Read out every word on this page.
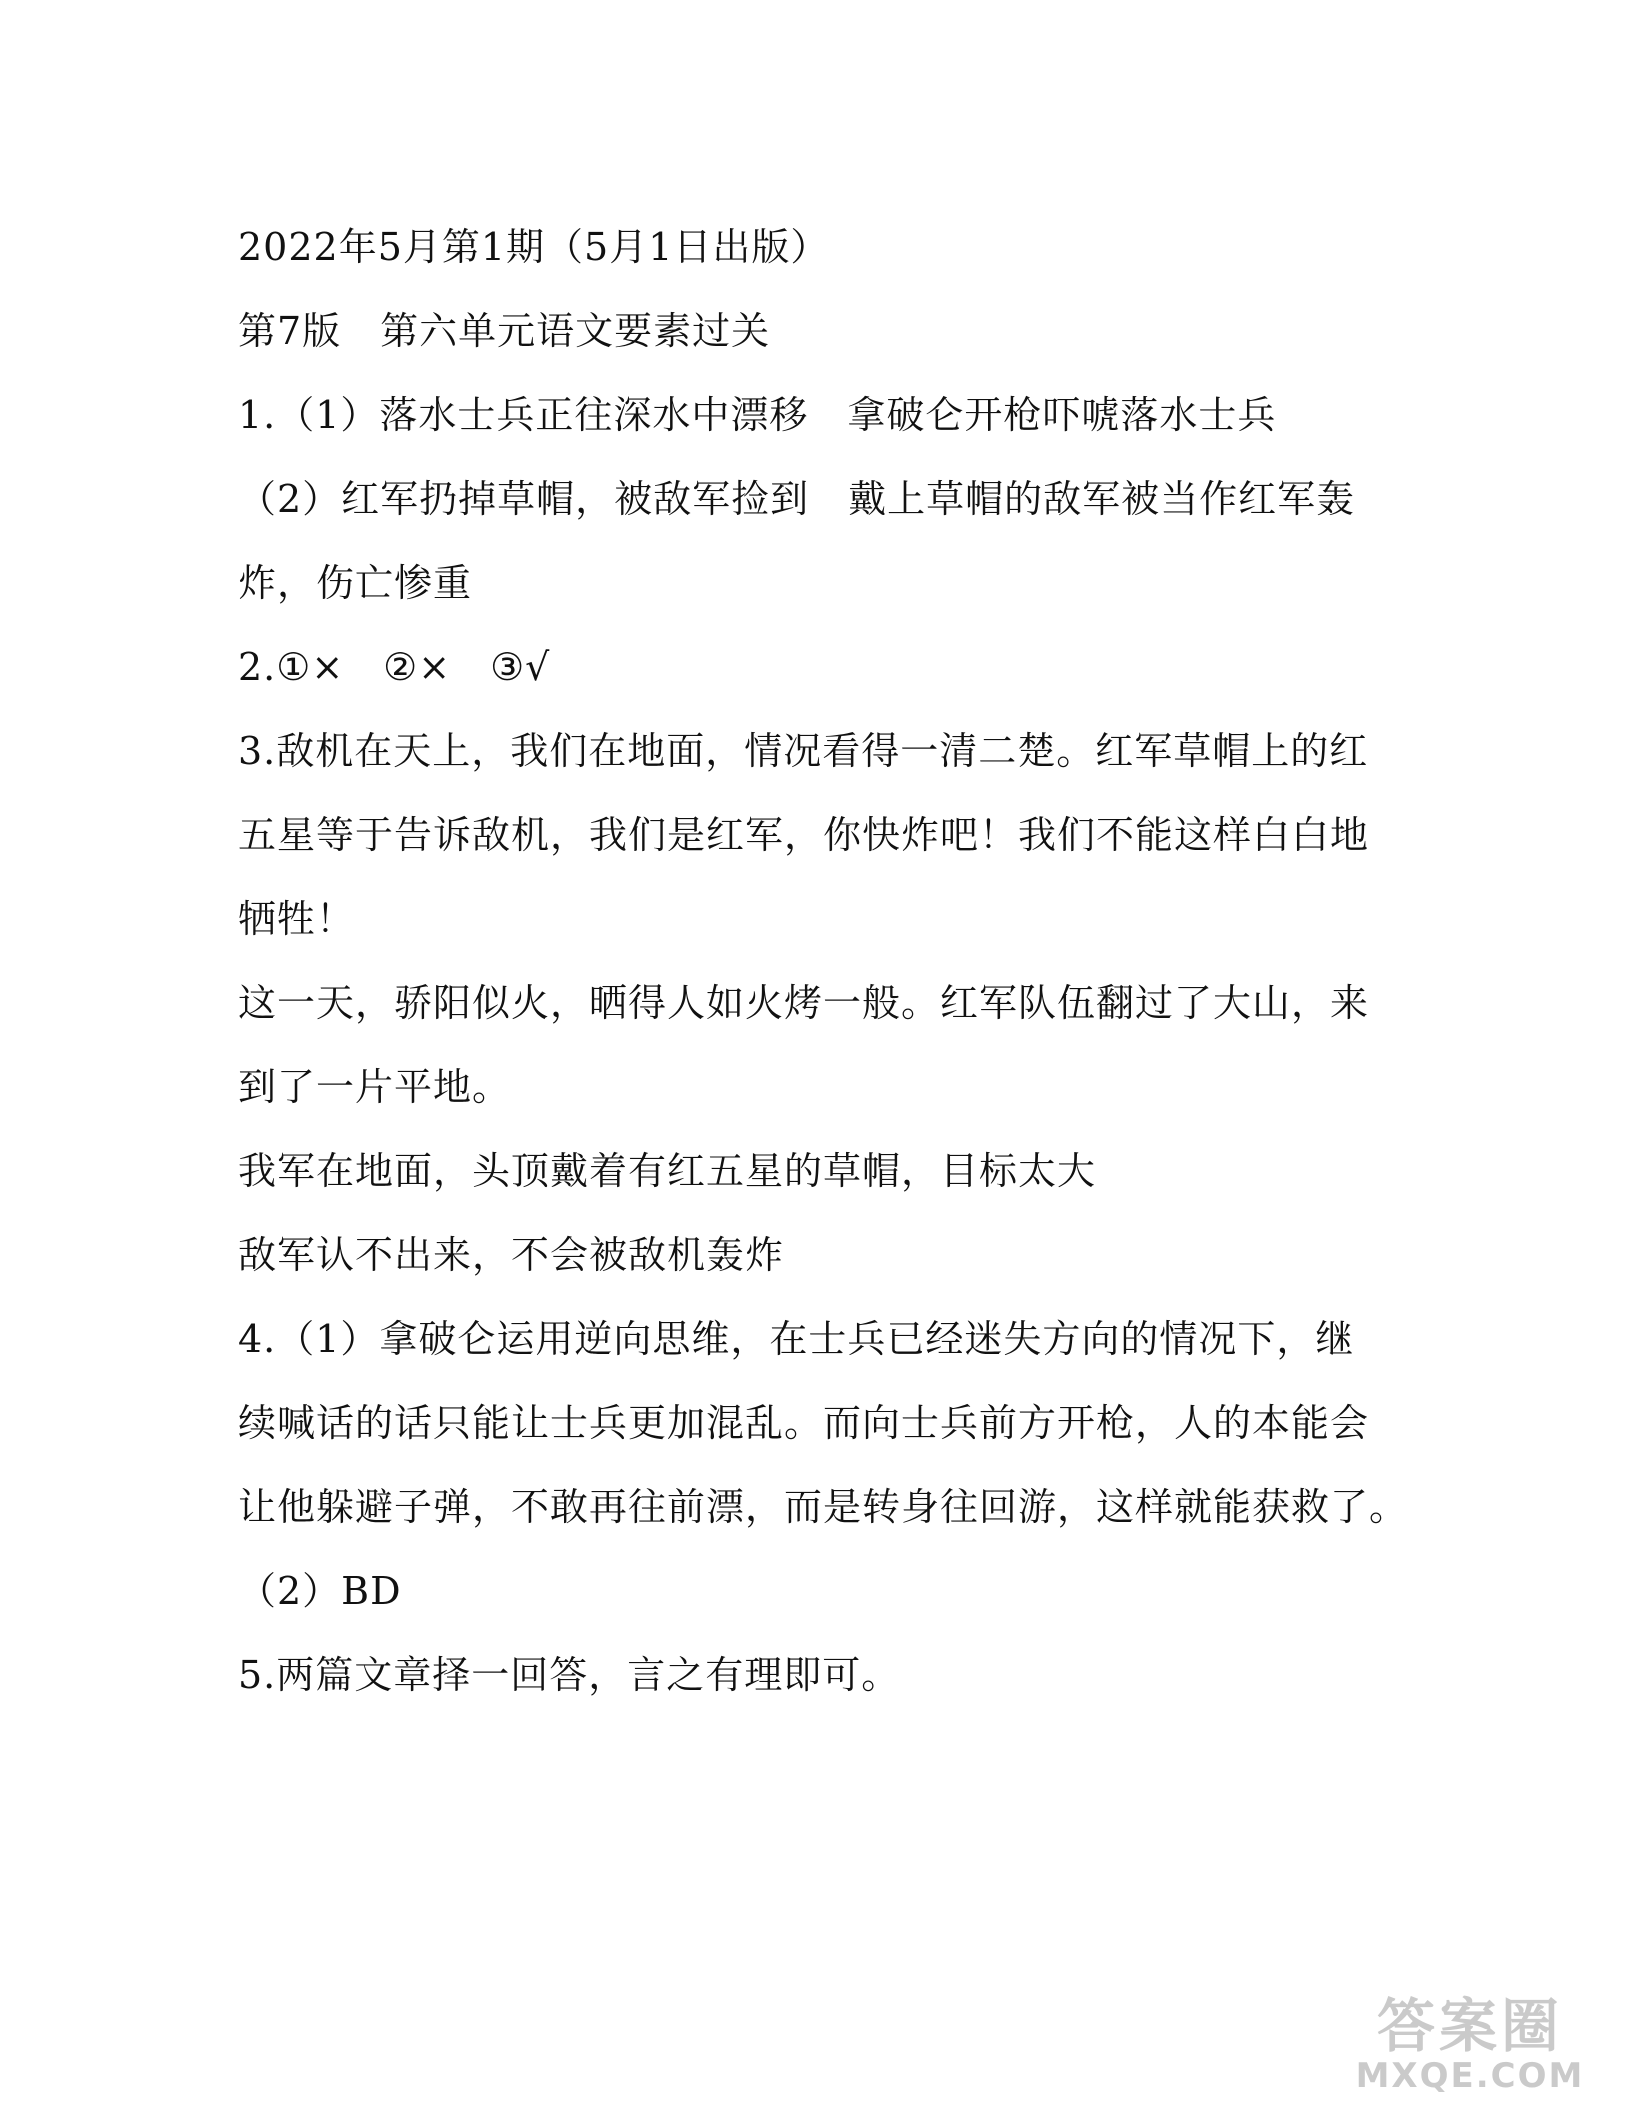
2022年5月第1期（5月1日出版）
第7版　第六单元语文要素过关
1.（1）落水士兵正往深水中漂移　拿破仑开枪吓唬落水士兵
（2）红军扔掉草帽，被敌军捡到　戴上草帽的敌军被当作红军轰
炸，伤亡惨重
2.①×　②×　③√
3.敌机在天上，我们在地面，情况看得一清二楚。红军草帽上的红
五星等于告诉敌机，我们是红军，你快炸吧！我们不能这样白白地
牺牲！
这一天，骄阳似火，晒得人如火烤一般。红军队伍翻过了大山，来
到了一片平地。
我军在地面，头顶戴着有红五星的草帽，目标太大
敌军认不出来，不会被敌机轰炸
4.（1）拿破仑运用逆向思维，在士兵已经迷失方向的情况下，继
续喊话的话只能让士兵更加混乱。而向士兵前方开枪，人的本能会
让他躲避子弹，不敢再往前漂，而是转身往回游，这样就能获救了。
（2）BD
5.两篇文章择一回答，言之有理即可。
答案圈
MXQE.COM
